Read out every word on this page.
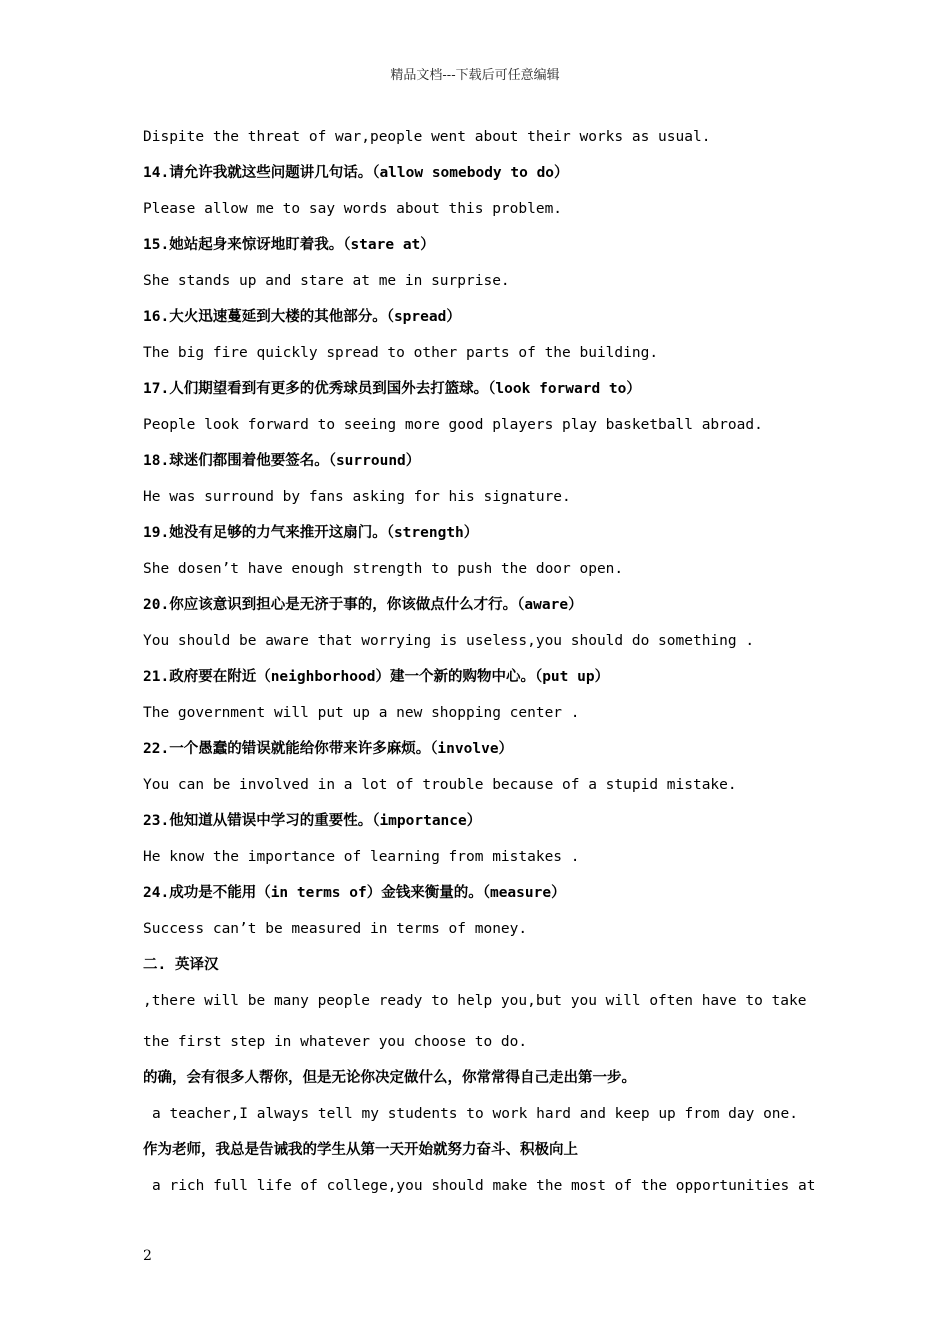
精品文档---下载后可任意编辑
Dispite the threat of war,people went about their works as usual.
14.请允许我就这些问题讲几句话。（allow somebody to do）
Please allow me to say words about this problem.
15.她站起身来惊讶地盯着我。（stare at）
She stands up and stare at me in surprise.
16.大火迅速蔓延到大楼的其他部分。（spread）
The big fire quickly spread to other parts of the building.
17.人们期望看到有更多的优秀球员到国外去打篮球。（look forward to）
People look forward to seeing more good players play basketball abroad.
18.球迷们都围着他要签名。（surround）
He was surround by fans asking for his signature.
19.她没有足够的力气来推开这扇门。（strength）
She dosen’t have enough strength to push the door open.
20.你应该意识到担心是无济于事的，你该做点什么才行。（aware）
You should be aware that worrying is useless,you should do something .
21.政府要在附近（neighborhood）建一个新的购物中心。（put up）
The government will put up a new shopping center .
22.一个愚蠢的错误就能给你带来许多麻烦。（involve）
You can be involved in a lot of trouble because of a stupid mistake.
23.他知道从错误中学习的重要性。（importance）
He know the importance of learning from mistakes .
24.成功是不能用（in terms of）金钱来衡量的。（measure）
Success can’t be measured in terms of money.
二. 英译汉
,there will be many people ready to help you,but you will often have to take
the first step in whatever you choose to do.
的确，会有很多人帮你，但是无论你决定做什么，你常常得自己走出第一步。
a teacher,I always tell my students to work hard and keep up from day one.
作为老师，我总是告诫我的学生从第一天开始就努力奋斗、积极向上
a rich full life of college,you should make the most of the opportunities at
2
